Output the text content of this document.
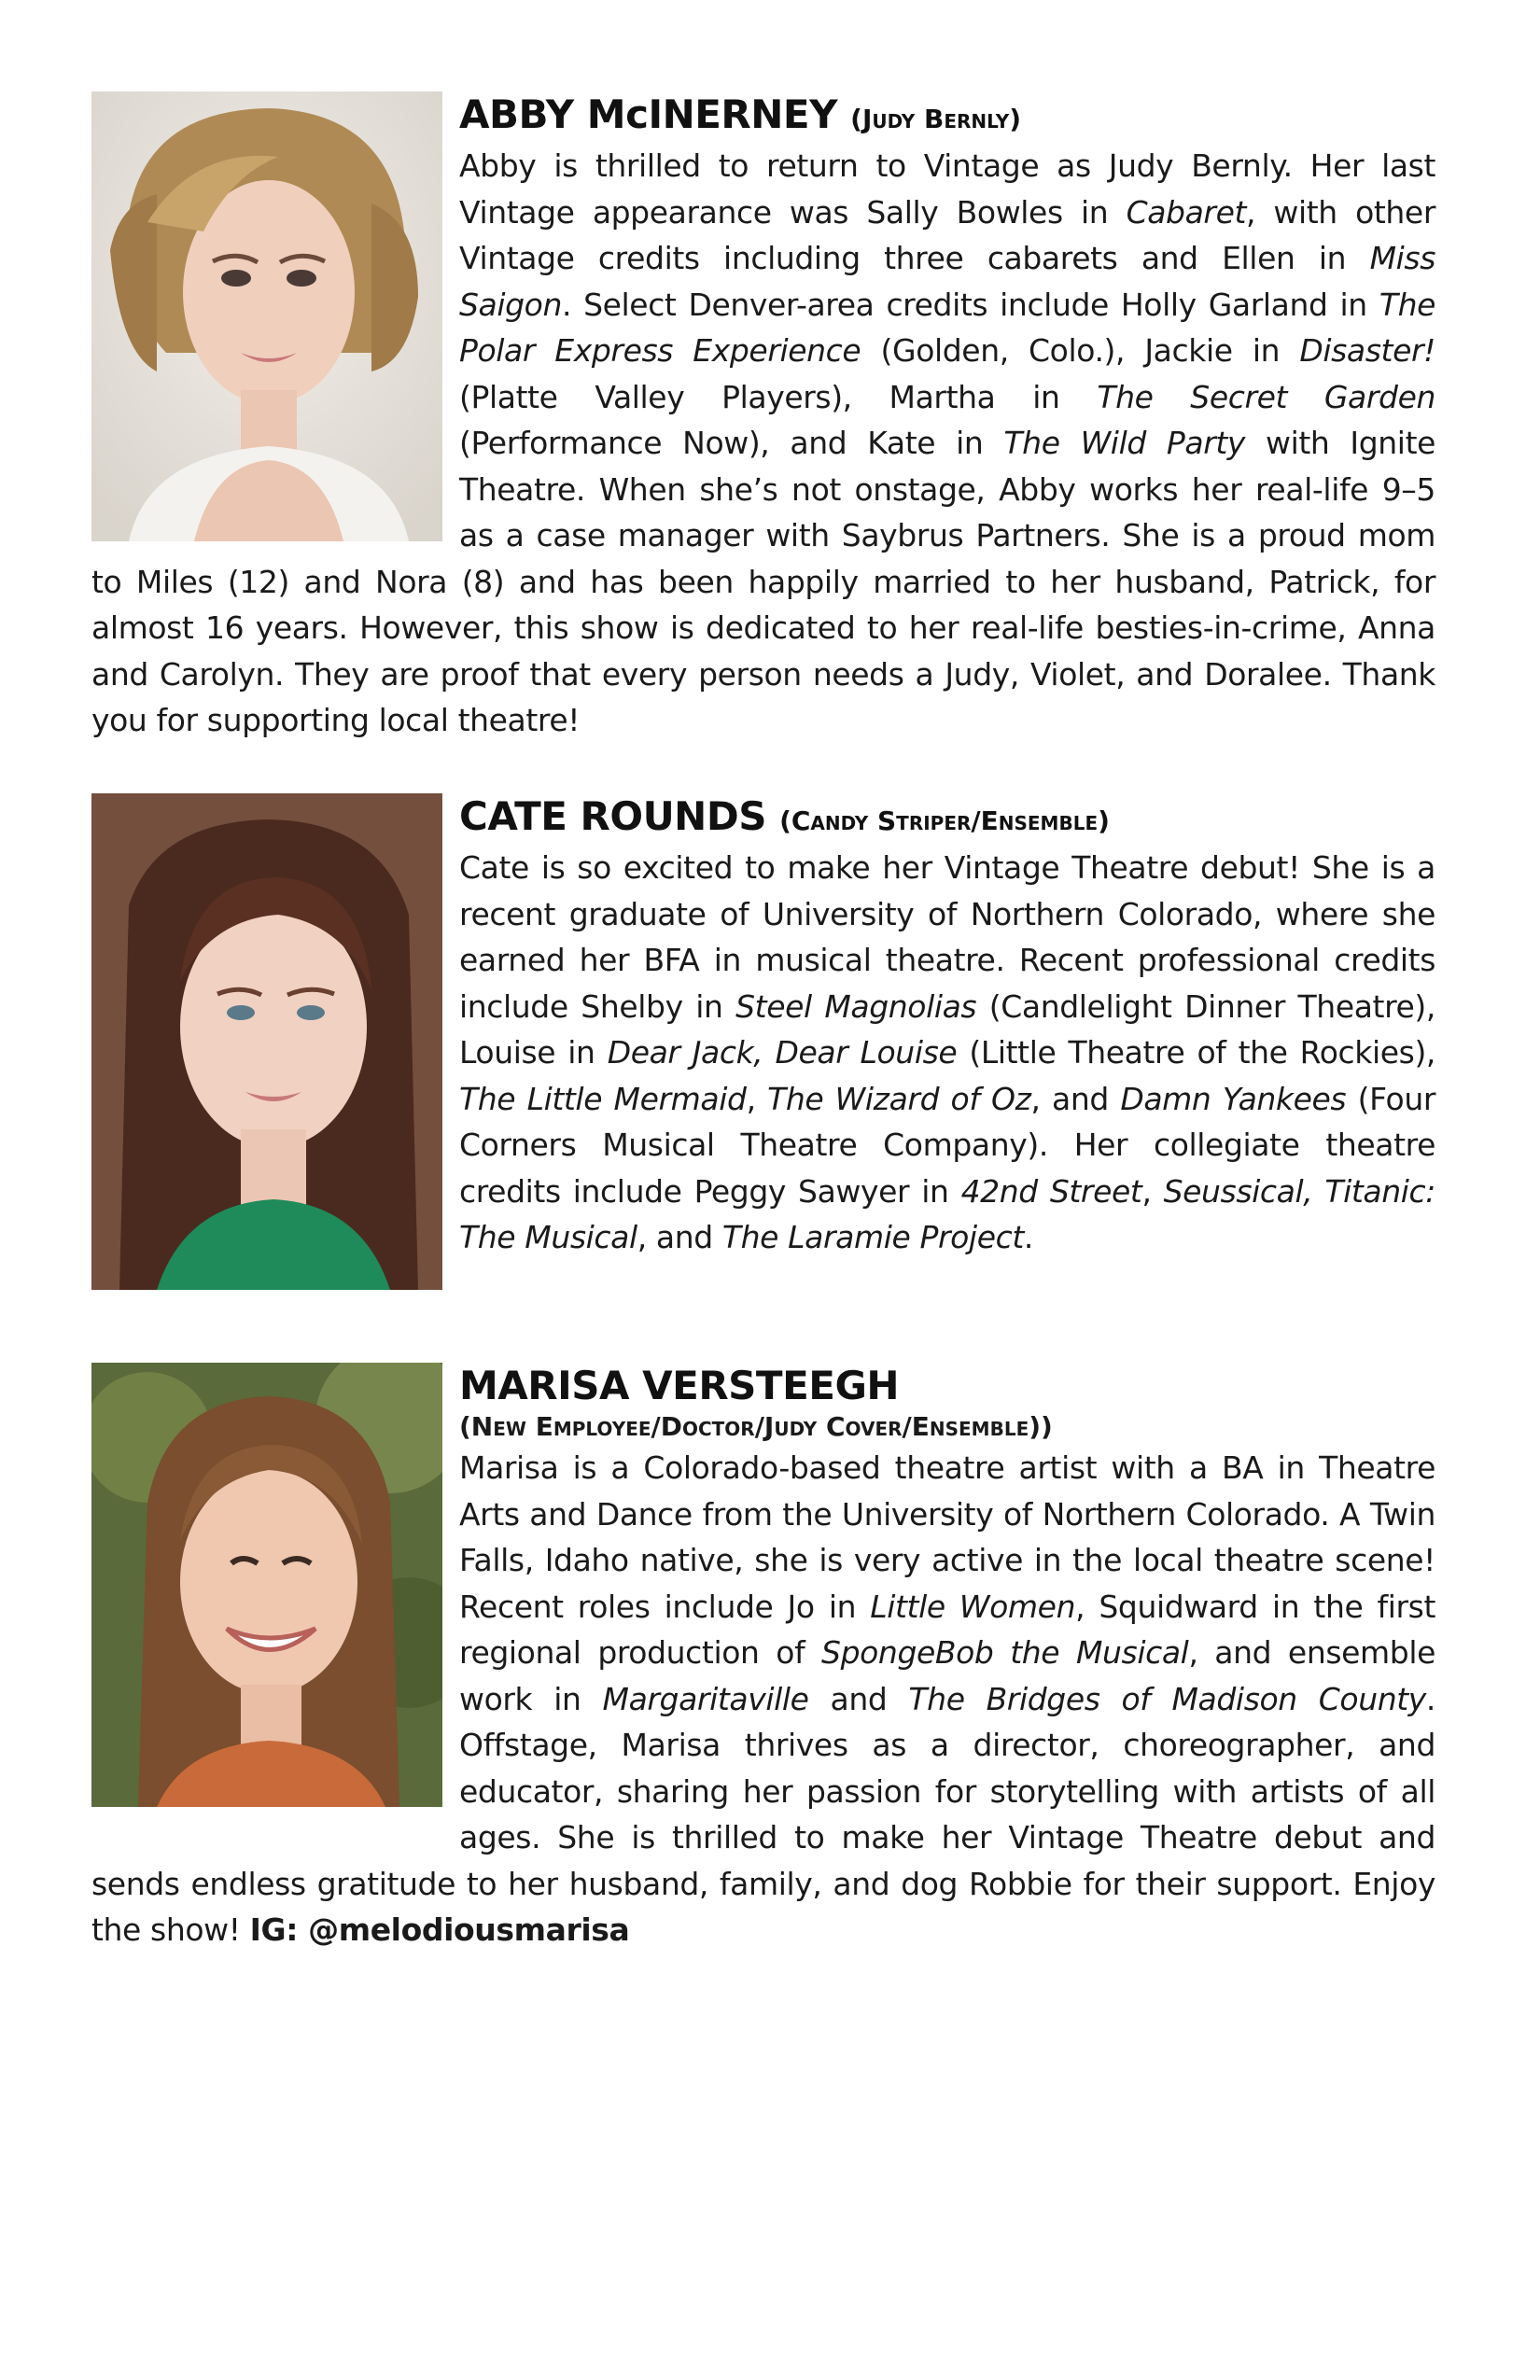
ABBY McINERNEY (Judy Bernly)

Abby is thrilled to return to Vintage as Judy Bernly. Her last Vintage appearance was Sally Bowles in Cabaret, with other Vintage credits including three cabarets and Ellen in Miss Saigon. Select Denver-area credits include Holly Garland in The Polar Express Experience (Golden, Colo.), Jackie in Disaster! (Platte Valley Players), Martha in The Secret Garden (Performance Now), and Kate in The Wild Party with Ignite Theatre. When she’s not onstage, Abby works her real-life 9–5 as a case manager with Saybrus Partners. She is a proud mom to Miles (12) and Nora (8) and has been happily married to her husband, Patrick, for almost 16 years. However, this show is dedicated to her real-life besties-in-crime, Anna and Carolyn. They are proof that every person needs a Judy, Violet, and Doralee. Thank you for supporting local theatre!

CATE ROUNDS (Candy Striper/Ensemble)

Cate is so excited to make her Vintage Theatre debut! She is a recent graduate of University of Northern Colorado, where she earned her BFA in musical theatre. Recent professional credits include Shelby in Steel Magnolias (Candlelight Dinner Theatre), Louise in Dear Jack, Dear Louise (Little Theatre of the Rockies), The Little Mermaid, The Wizard of Oz, and Damn Yankees (Four Corners Musical Theatre Company). Her collegiate theatre credits include Peggy Sawyer in 42nd Street, Seussical, Titanic: The Musical, and The Laramie Project.

MARISA VERSTEEGH

(New Employee/Doctor/Judy Cover/Ensemble))

Marisa is a Colorado-based theatre artist with a BA in Theatre Arts and Dance from the University of Northern Colorado. A Twin Falls, Idaho native, she is very active in the local theatre scene! Recent roles include Jo in Little Women, Squidward in the first regional production of SpongeBob the Musical, and ensemble work in Margaritaville and The Bridges of Madison County. Offstage, Marisa thrives as a director, choreographer, and educator, sharing her passion for storytelling with artists of all ages. She is thrilled to make her Vintage Theatre debut and sends endless gratitude to her husband, family, and dog Robbie for their support. Enjoy the show! IG: @melodiousmarisa
